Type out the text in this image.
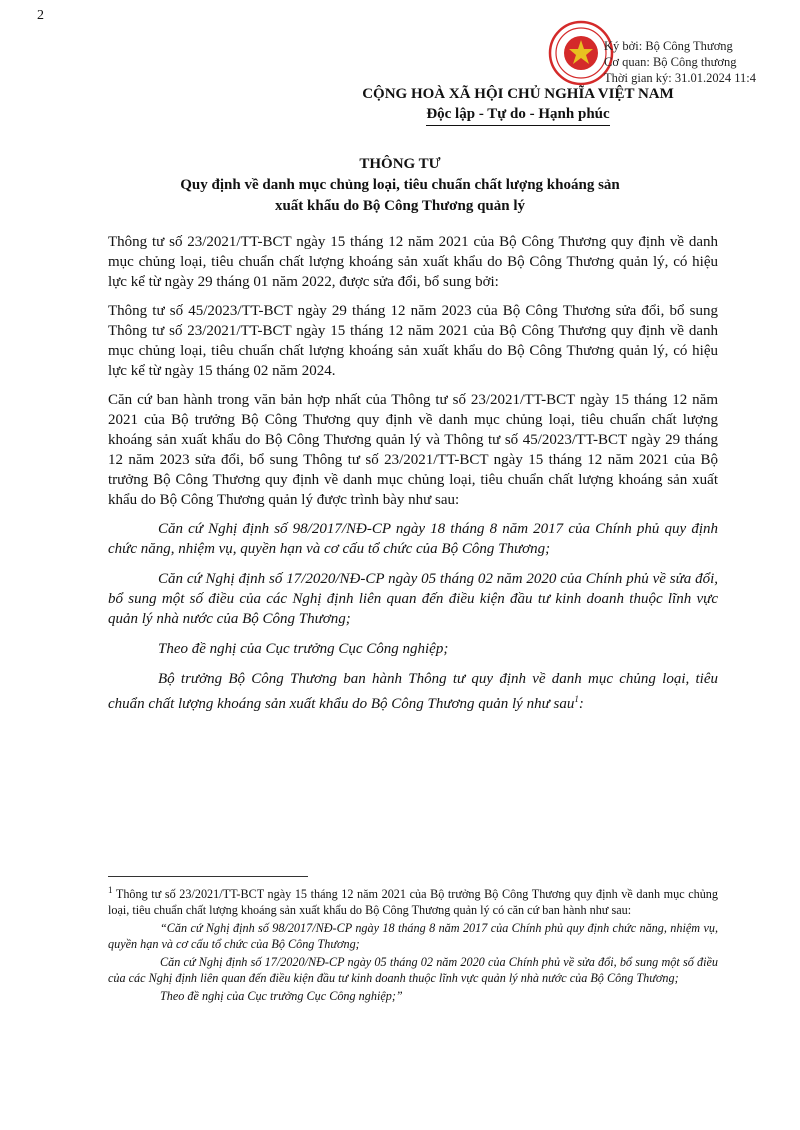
2
Ký bởi: Bộ Công Thương
Cơ quan: Bộ Công thương
Thời gian ký: 31.01.2024 11:4
CỘNG HOÀ XÃ HỘI CHỦ NGHĨA VIỆT NAM
Độc lập - Tự do - Hạnh phúc
THÔNG TƯ
Quy định về danh mục chủng loại, tiêu chuẩn chất lượng khoáng sản
xuất khẩu do Bộ Công Thương quản lý

Thông tư số 23/2021/TT-BCT ngày 15 tháng 12 năm 2021 của Bộ Công Thương quy định về danh mục chủng loại, tiêu chuẩn chất lượng khoáng sản xuất khẩu do Bộ Công Thương quản lý, có hiệu lực kể từ ngày 29 tháng 01 năm 2022, được sửa đổi, bổ sung bởi:

Thông tư số 45/2023/TT-BCT ngày 29 tháng 12 năm 2023 của Bộ Công Thương sửa đổi, bổ sung Thông tư số 23/2021/TT-BCT ngày 15 tháng 12 năm 2021 của Bộ Công Thương quy định về danh mục chủng loại, tiêu chuẩn chất lượng khoáng sản xuất khẩu do Bộ Công Thương quản lý, có hiệu lực kể từ ngày 15 tháng 02 năm 2024.

Căn cứ ban hành trong văn bản hợp nhất của Thông tư số 23/2021/TT-BCT ngày 15 tháng 12 năm 2021 của Bộ trưởng Bộ Công Thương quy định về danh mục chủng loại, tiêu chuẩn chất lượng khoáng sản xuất khẩu do Bộ Công Thương quản lý và Thông tư số 45/2023/TT-BCT ngày 29 tháng 12 năm 2023 sửa đổi, bổ sung Thông tư số 23/2021/TT-BCT ngày 15 tháng 12 năm 2021 của Bộ trưởng Bộ Công Thương quy định về danh mục chủng loại, tiêu chuẩn chất lượng khoáng sản xuất khẩu do Bộ Công Thương quản lý được trình bày như sau:

Căn cứ Nghị định số 98/2017/NĐ-CP ngày 18 tháng 8 năm 2017 của Chính phủ quy định chức năng, nhiệm vụ, quyền hạn và cơ cấu tổ chức của Bộ Công Thương;

Căn cứ Nghị định số 17/2020/NĐ-CP ngày 05 tháng 02 năm 2020 của Chính phủ về sửa đổi, bổ sung một số điều của các Nghị định liên quan đến điều kiện đầu tư kinh doanh thuộc lĩnh vực quản lý nhà nước của Bộ Công Thương;

Theo đề nghị của Cục trưởng Cục Công nghiệp;

Bộ trưởng Bộ Công Thương ban hành Thông tư quy định về danh mục chủng loại, tiêu chuẩn chất lượng khoáng sản xuất khẩu do Bộ Công Thương quản lý như sau$^1$:

$^1$ Thông tư số 23/2021/TT-BCT ngày 15 tháng 12 năm 2021 của Bộ trưởng Bộ Công Thương quy định về danh mục chủng loại, tiêu chuẩn chất lượng khoáng sản xuất khẩu do Bộ Công Thương quản lý có căn cứ ban hành như sau:

“Căn cứ Nghị định số 98/2017/NĐ-CP ngày 18 tháng 8 năm 2017 của Chính phủ quy định chức năng, nhiệm vụ, quyền hạn và cơ cấu tổ chức của Bộ Công Thương;

Căn cứ Nghị định số 17/2020/NĐ-CP ngày 05 tháng 02 năm 2020 của Chính phủ về sửa đổi, bổ sung một số điều của các Nghị định liên quan đến điều kiện đầu tư kinh doanh thuộc lĩnh vực quản lý nhà nước của Bộ Công Thương;

Theo đề nghị của Cục trưởng Cục Công nghiệp;”
